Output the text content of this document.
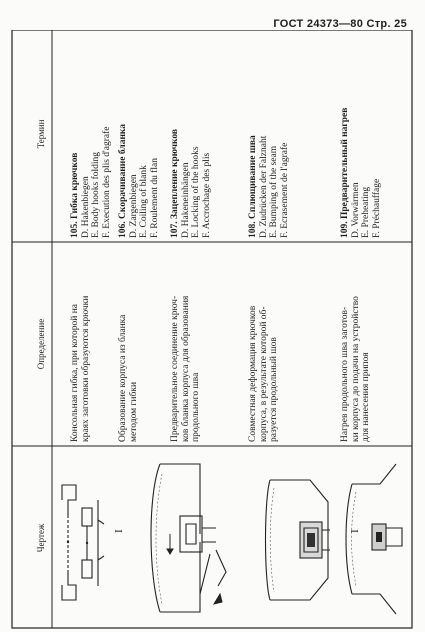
ГОСТ 24373—80 Стр. 25
Термин
Определение
Чертеж
105. Гибка крючков D. Hakenbiegen E. Body hooks folding F. Execution des plis d'agrafe
Консольная гибка, при которой на краях заготовки образуются крючки
106. Скорачивание бланка D. Zargenbiegen E. Coiling of blank F. Roulement du flan
Образование корпуса из бланка методом гибки
I
107. Зацепление крючков D. Hakeneinhängen E. Locking of the hooks F. Accrochage des plis
Предварительное соединение крюч- ков бланка корпуса для образования продольного шва
108. Сплющивание шва D. Zudrücken der Falznaht E. Bumping of the seam F. Ecrasement de l'agrafe
Совместная деформация крючков корпуса, в результате которой об- разуется продольный шов
109. Предварительный нагрев D. Vorwärmen E. Preheating F. Préchauffage
Нагрев продольного шва заготов- ки корпуса до подачи на устройство для нанесения припоя
I
